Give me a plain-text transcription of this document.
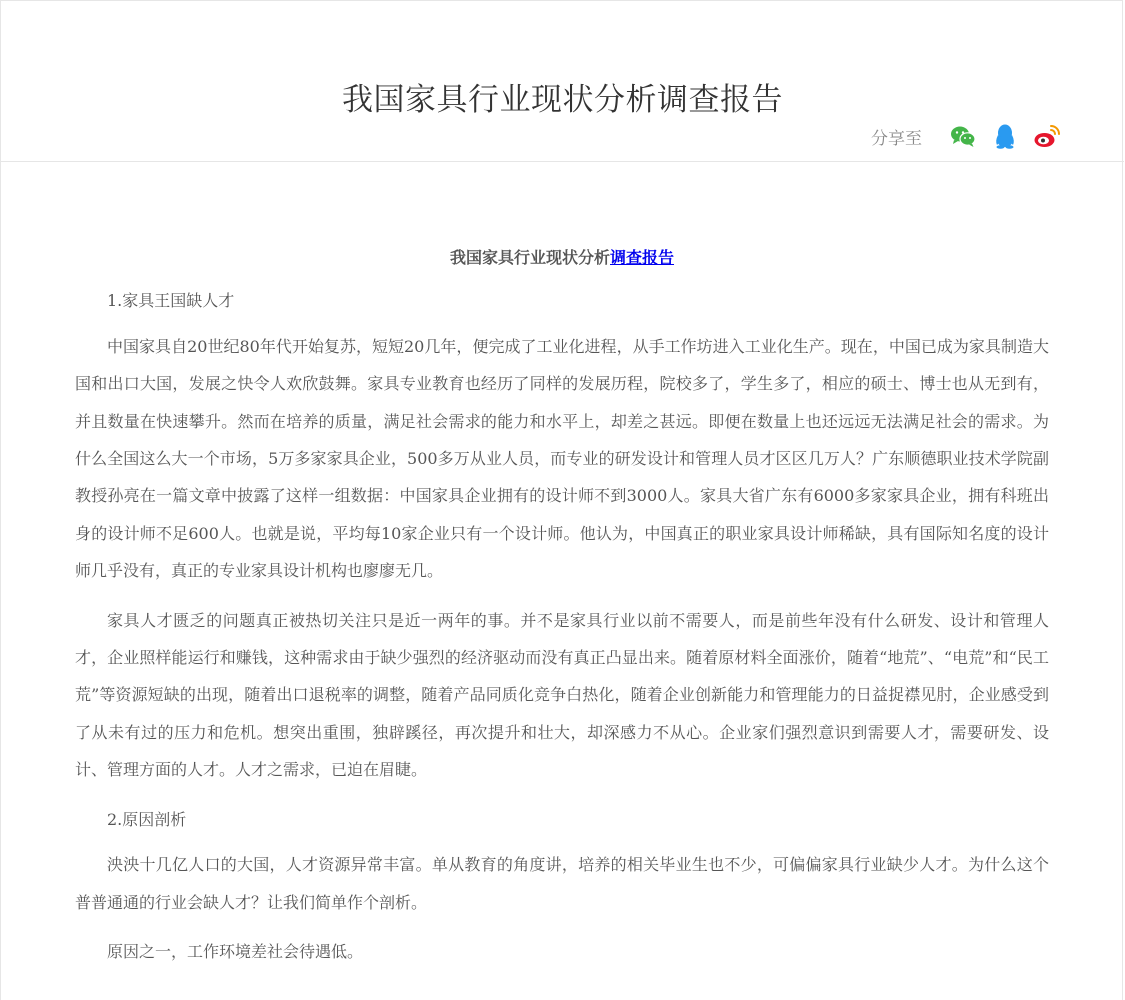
我国家具行业现状分析调查报告
分享至

我国家具行业现状分析调查报告

1.家具王国缺人才

中国家具自20世纪80年代开始复苏，短短20几年，便完成了工业化进程，从手工作坊进入工业化生产。现在，中国已成为家具制造大国和出口大国，发展之快令人欢欣鼓舞。家具专业教育也经历了同样的发展历程，院校多了，学生多了，相应的硕士、博士也从无到有，并且数量在快速攀升。然而在培养的质量，满足社会需求的能力和水平上，却差之甚远。即便在数量上也还远远无法满足社会的需求。为什么全国这么大一个市场，5万多家家具企业，500多万从业人员，而专业的研发设计和管理人员才区区几万人？广东顺德职业技术学院副教授孙亮在一篇文章中披露了这样一组数据：中国家具企业拥有的设计师不到3000人。家具大省广东有6000多家家具企业，拥有科班出身的设计师不足600人。也就是说，平均每10家企业只有一个设计师。他认为，中国真正的职业家具设计师稀缺，具有国际知名度的设计师几乎没有，真正的专业家具设计机构也廖廖无几。

家具人才匮乏的问题真正被热切关注只是近一两年的事。并不是家具行业以前不需要人，而是前些年没有什么研发、设计和管理人才，企业照样能运行和赚钱，这种需求由于缺少强烈的经济驱动而没有真正凸显出来。随着原材料全面涨价，随着“地荒”、“电荒”和“民工荒”等资源短缺的出现，随着出口退税率的调整，随着产品同质化竞争白热化，随着企业创新能力和管理能力的日益捉襟见肘，企业感受到了从未有过的压力和危机。想突出重围，独辟蹊径，再次提升和壮大，却深感力不从心。企业家们强烈意识到需要人才，需要研发、设计、管理方面的人才。人才之需求，已迫在眉睫。

2.原因剖析

泱泱十几亿人口的大国，人才资源异常丰富。单从教育的角度讲，培养的相关毕业生也不少，可偏偏家具行业缺少人才。为什么这个普普通通的行业会缺人才？让我们简单作个剖析。

原因之一，工作环境差社会待遇低。
